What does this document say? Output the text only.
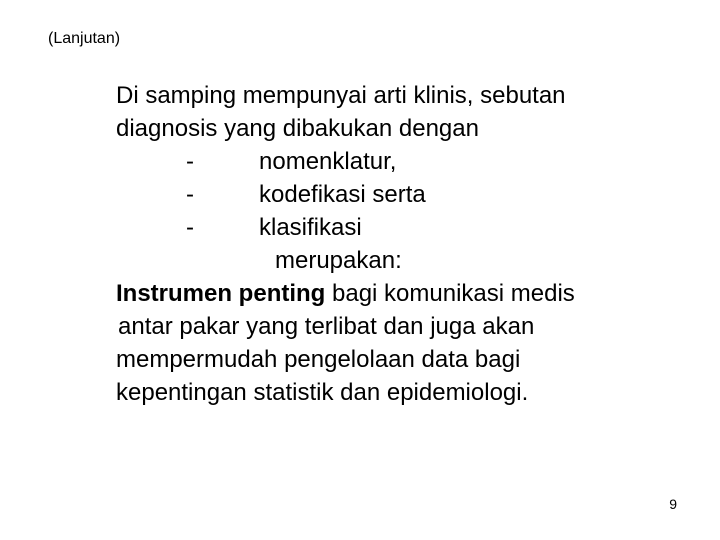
(Lanjutan)
Di samping mempunyai arti klinis, sebutan
diagnosis yang dibakukan dengan
-	nomenklatur,
-	kodefikasi serta
-	klasifikasi
merupakan:
Instrumen penting bagi komunikasi medis
antar pakar yang terlibat dan juga akan
mempermudah pengelolaan data bagi
kepentingan statistik dan epidemiologi.
9
